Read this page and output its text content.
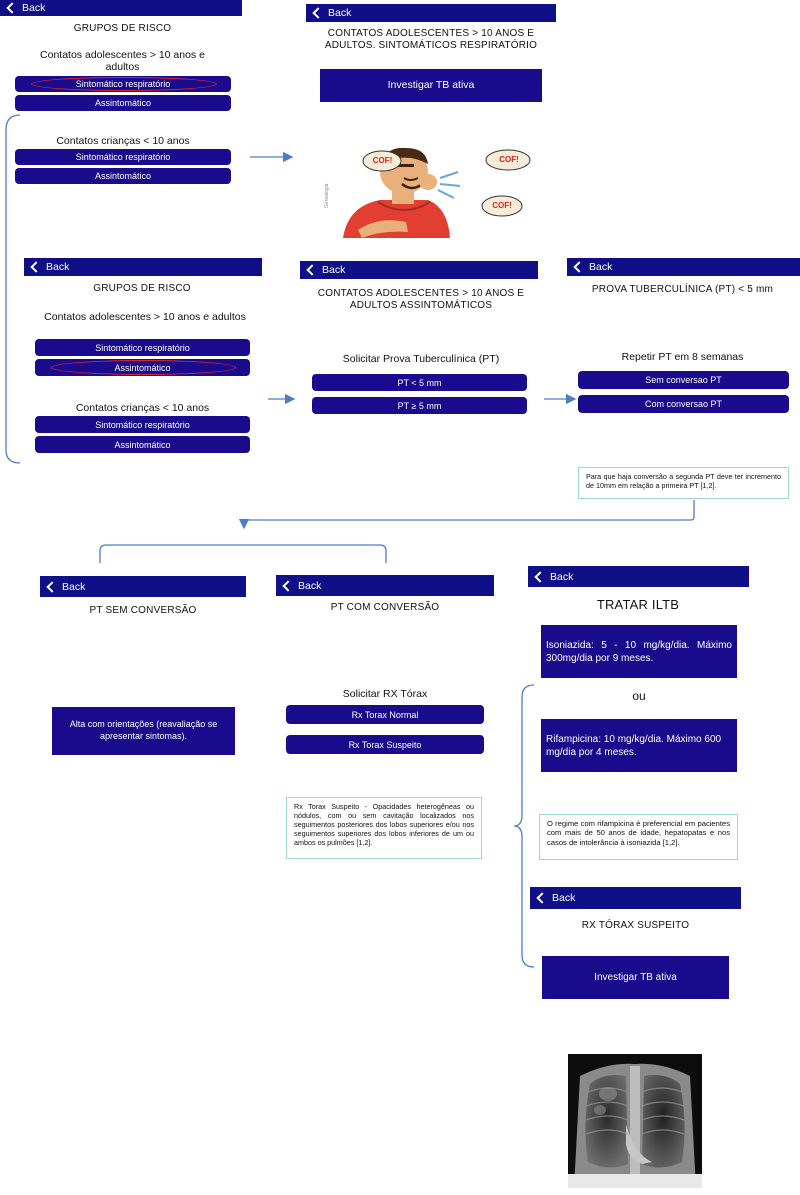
Back
GRUPOS DE RISCO
Contatos adolescentes > 10 anos e adultos
Sintomático respiratório
Assintomático
Contatos crianças < 10 anos
Sintomático respiratório
Assintomático
Back
CONTATOS ADOLESCENTES > 10 ANOS E ADULTOS. SINTOMÁTICOS RESPIRATÓRIO
Investigar TB ativa
Gerealogia
COF!	COF!
COF!
Back
GRUPOS DE RISCO
Contatos adolescentes > 10 anos e adultos
Sintomático respiratório
Assintomático
Contatos crianças < 10 anos
Sintomático respiratório
Assintomático
Back
CONTATOS ADOLESCENTES > 10 ANOS E ADULTOS ASSINTOMÁTICOS
Solicitar Prova Tuberculínica (PT)
PT < 5 mm
PT ≥ 5 mm
Back
PROVA TUBERCULÍNICA (PT) < 5 mm
Repetir PT em 8 semanas
Sem conversao PT
Com conversao PT
Para que haja conversão a segunda PT deve ter incremento de 10mm em relação a primeira PT [1,2].
Back
PT SEM CONVERSÃO
Alta com orientações (reavaliação se apresentar sintomas).
Back
PT COM CONVERSÃO
Solicitar RX Tórax
Rx Torax Normal
Rx Torax Suspeito
Rx Torax Suspeito - Opacidades heterogêneas ou nódulos, com ou sem cavitação localizados nos seguimentos posteriores dos lobos superiores e/ou nos seguimentos superiores dos lobos inferiores de um ou ambos os pulmões [1,2].
Back
TRATAR ILTB
Isoniazida: 5 - 10 mg/kg/dia. Máximo 300mg/dia por 9 meses.
ou
Rifampicina: 10 mg/kg/dia. Máximo 600 mg/dia por 4 meses.
O regime com rifampicina é preferencial em pacientes com mais de 50 anos de idade, hepatopatas e nos casos de intolerância à isoniazida [1,2].
Back
RX TÓRAX SUSPEITO
Investigar TB ativa
